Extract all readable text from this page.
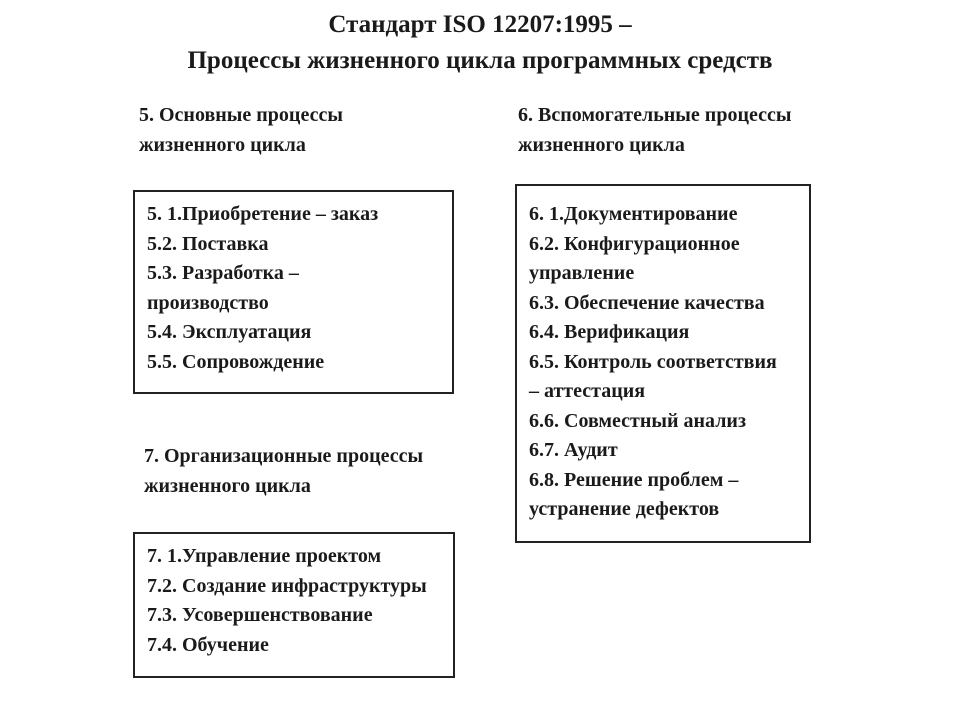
Стандарт ISO 12207:1995 –
Процессы жизненного цикла программных средств
5. Основные процессы
жизненного цикла
5. 1.Приобретение – заказ
5.2. Поставка
5.3. Разработка –
производство
5.4. Эксплуатация
5.5. Сопровождение
6. Вспомогательные процессы
жизненного цикла
6. 1.Документирование
6.2. Конфигурационное
управление
6.3. Обеспечение качества
6.4. Верификация
6.5. Контроль соответствия
– аттестация
6.6. Совместный анализ
6.7. Аудит
6.8. Решение проблем –
устранение дефектов
7. Организационные процессы
жизненного цикла
7. 1.Управление проектом
7.2. Создание инфраструктуры
7.3. Усовершенствование
7.4. Обучение
